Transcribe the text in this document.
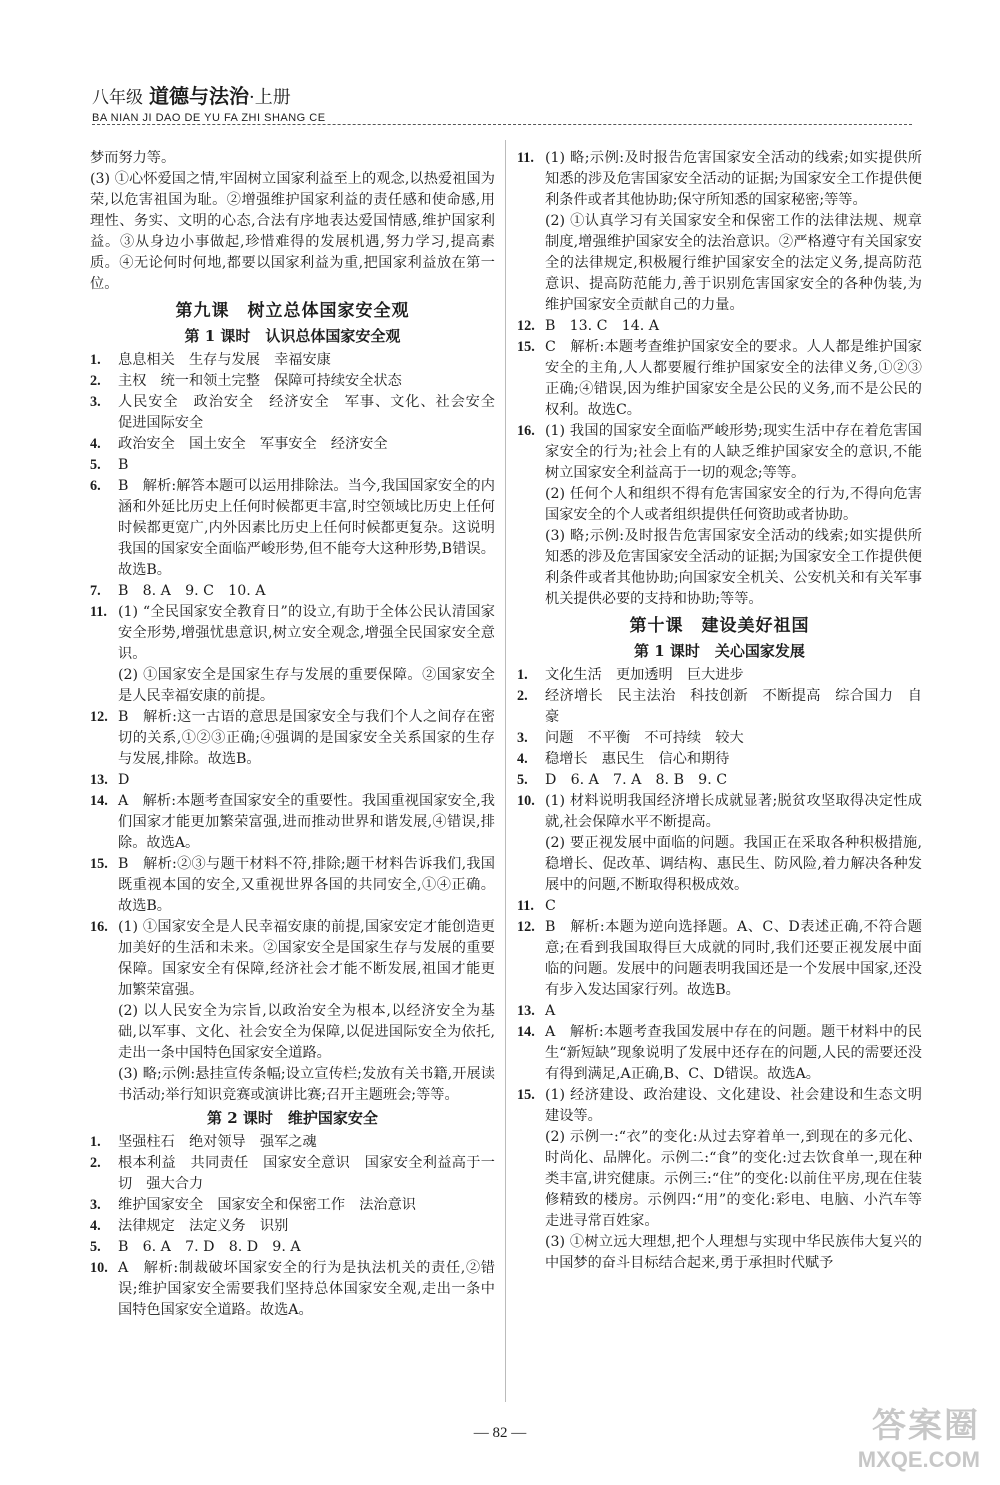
八年级 道德与法治·上册
BA NIAN JI DAO DE YU FA ZHI SHANG CE
梦而努力等。
(3) ①心怀爱国之情,牢固树立国家利益至上的观念,以热爱祖国为荣,以危害祖国为耻。②增强维护国家利益的责任感和使命感,用理性、务实、文明的心态,合法有序地表达爱国情感,维护国家利益。③从身边小事做起,珍惜难得的发展机遇,努力学习,提高素质。④无论何时何地,都要以国家利益为重,把国家利益放在第一位。
第九课　树立总体国家安全观
第 1 课时　认识总体国家安全观
1.	息息相关　生存与发展　幸福安康
2.	主权　统一和领土完整　保障可持续安全状态
3.	人民安全　政治安全　经济安全　军事、文化、社会安全　促进国际安全
4.	政治安全　国土安全　军事安全　经济安全
5.	B
6.	B　解析:解答本题可以运用排除法。当今,我国国家安全的内涵和外延比历史上任何时候都更丰富,时空领域比历史上任何时候都更宽广,内外因素比历史上任何时候都更复杂。这说明我国的国家安全面临严峻形势,但不能夸大这种形势,B错误。故选B。
7.	B　8. A　9. C　10. A
11. (1) “全民国家安全教育日”的设立,有助于全体公民认清国家安全形势,增强忧患意识,树立安全观念,增强全民国家安全意识。
(2) ①国家安全是国家生存与发展的重要保障。②国家安全是人民幸福安康的前提。
12. B　解析:这一古语的意思是国家安全与我们个人之间存在密切的关系,①②③正确;④强调的是国家安全关系国家的生存与发展,排除。故选B。
13. D
14. A　解析:本题考查国家安全的重要性。我国重视国家安全,我们国家才能更加繁荣富强,进而推动世界和谐发展,④错误,排除。故选A。
15. B　解析:②③与题干材料不符,排除;题干材料告诉我们,我国既重视本国的安全,又重视世界各国的共同安全,①④正确。故选B。
16. (1) ①国家安全是人民幸福安康的前提,国家安定才能创造更加美好的生活和未来。②国家安全是国家生存与发展的重要保障。国家安全有保障,经济社会才能不断发展,祖国才能更加繁荣富强。
(2) 以人民安全为宗旨,以政治安全为根本,以经济安全为基础,以军事、文化、社会安全为保障,以促进国际安全为依托,走出一条中国特色国家安全道路。
(3) 略;示例:悬挂宣传条幅;设立宣传栏;发放有关书籍,开展读书活动;举行知识竞赛或演讲比赛;召开主题班会;等等。
第 2 课时　维护国家安全
1.	坚强柱石　绝对领导　强军之魂
2.	根本利益　共同责任　国家安全意识　国家安全利益高于一切　强大合力
3.	维护国家安全　国家安全和保密工作　法治意识
4.	法律规定　法定义务　识别
5.	B　6. A　7. D　8. D　9. A
10. A　解析:制裁破坏国家安全的行为是执法机关的责任,②错误;维护国家安全需要我们坚持总体国家安全观,走出一条中国特色国家安全道路。故选A。
11. (1) 略;示例:及时报告危害国家安全活动的线索;如实提供所知悉的涉及危害国家安全活动的证据;为国家安全工作提供便利条件或者其他协助;保守所知悉的国家秘密;等等。
(2) ①认真学习有关国家安全和保密工作的法律法规、规章制度,增强维护国家安全的法治意识。②严格遵守有关国家安全的法律规定,积极履行维护国家安全的法定义务,提高防范意识、提高防范能力,善于识别危害国家安全的各种伪装,为维护国家安全贡献自己的力量。
12. B　13. C　14. A
15. C　解析:本题考查维护国家安全的要求。人人都是维护国家安全的主角,人人都要履行维护国家安全的法律义务,①②③正确;④错误,因为维护国家安全是公民的义务,而不是公民的权利。故选C。
16. (1) 我国的国家安全面临严峻形势;现实生活中存在着危害国家安全的行为;社会上有的人缺乏维护国家安全的意识,不能树立国家安全利益高于一切的观念;等等。
(2) 任何个人和组织不得有危害国家安全的行为,不得向危害国家安全的个人或者组织提供任何资助或者协助。
(3) 略;示例:及时报告危害国家安全活动的线索;如实提供所知悉的涉及危害国家安全活动的证据;为国家安全工作提供便利条件或者其他协助;向国家安全机关、公安机关和有关军事机关提供必要的支持和协助;等等。
第十课　建设美好祖国
第 1 课时　关心国家发展
1.	文化生活　更加透明　巨大进步
2.	经济增长　民主法治　科技创新　不断提高　综合国力　自豪
3.	问题　不平衡　不可持续　较大
4.	稳增长　惠民生　信心和期待
5.	D　6. A　7. A　8. B　9. C
10. (1) 材料说明我国经济增长成就显著;脱贫攻坚取得决定性成就,社会保障水平不断提高。
(2) 要正视发展中面临的问题。我国正在采取各种积极措施,稳增长、促改革、调结构、惠民生、防风险,着力解决各种发展中的问题,不断取得积极成效。
11. C
12. B　解析:本题为逆向选择题。A、C、D表述正确,不符合题意;在看到我国取得巨大成就的同时,我们还要正视发展中面临的问题。发展中的问题表明我国还是一个发展中国家,还没有步入发达国家行列。故选B。
13. A
14. A　解析:本题考查我国发展中存在的问题。题干材料中的民生“新短缺”现象说明了发展中还存在的问题,人民的需要还没有得到满足,A正确,B、C、D错误。故选A。
15. (1) 经济建设、政治建设、文化建设、社会建设和生态文明建设等。
(2) 示例一:“衣”的变化:从过去穿着单一,到现在的多元化、时尚化、品牌化。示例二:“食”的变化:过去饮食单一,现在种类丰富,讲究健康。示例三:“住”的变化:以前住平房,现在住装修精致的楼房。示例四:“用”的变化:彩电、电脑、小汽车等走进寻常百姓家。
(3) ①树立远大理想,把个人理想与实现中华民族伟大复兴的中国梦的奋斗目标结合起来,勇于承担时代赋予
— 82 —	答案圈
MXQE.COM
